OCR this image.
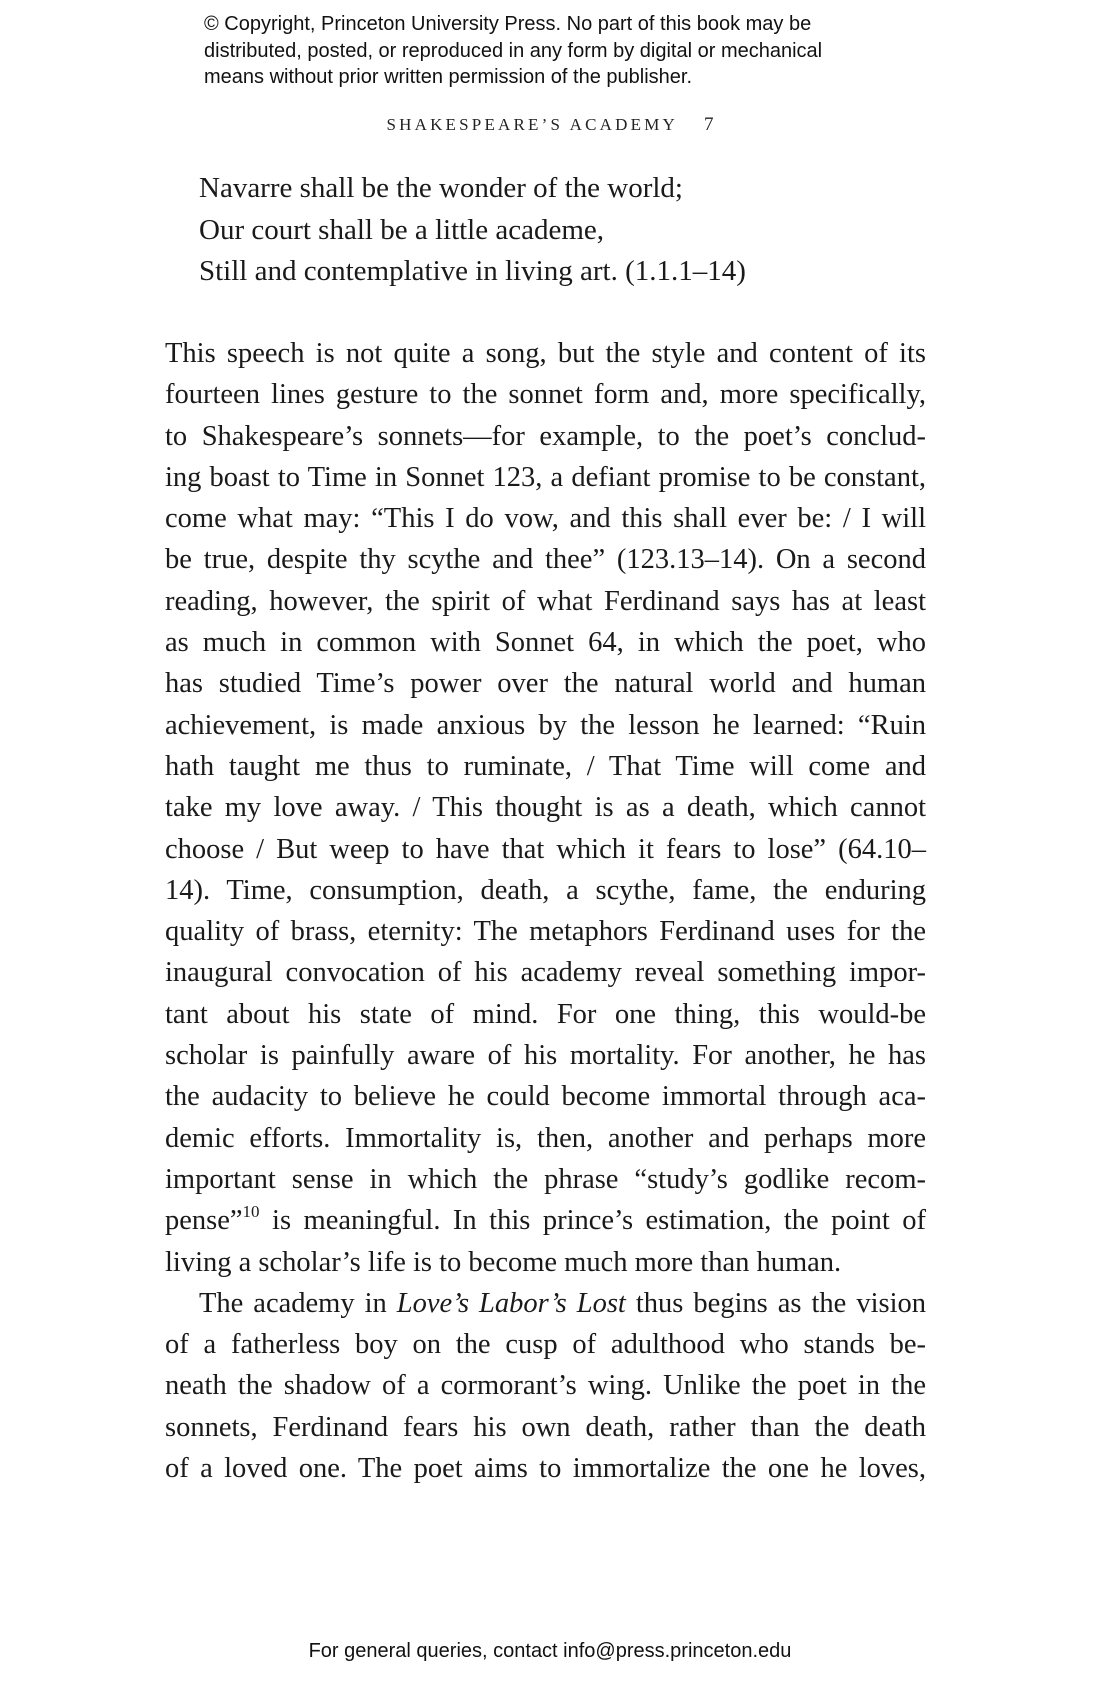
© Copyright, Princeton University Press. No part of this book may be
distributed, posted, or reproduced in any form by digital or mechanical
means without prior written permission of the publisher.
SHAKESPEARE’S ACADEMY 7
Navarre shall be the wonder of the world;
Our court shall be a little academe,
Still and contemplative in living art. (1.1.1–14)
This speech is not quite a song, but the style and content of its
fourteen lines gesture to the sonnet form and, more specifically,
to Shakespeare’s sonnets—for example, to the poet’s conclud-
ing boast to Time in Sonnet 123, a defiant promise to be constant,
come what may: “This I do vow, and this shall ever be: / I will
be true, despite thy scythe and thee” (123.13–14). On a second
reading, however, the spirit of what Ferdinand says has at least
as much in common with Sonnet 64, in which the poet, who
has studied Time’s power over the natural world and human
achievement, is made anxious by the lesson he learned: “Ruin
hath taught me thus to ruminate, / That Time will come and
take my love away. / This thought is as a death, which cannot
choose / But weep to have that which it fears to lose” (64.10–
14). Time, consumption, death, a scythe, fame, the enduring
quality of brass, eternity: The metaphors Ferdinand uses for the
inaugural convocation of his academy reveal something impor-
tant about his state of mind. For one thing, this would-be
scholar is painfully aware of his mortality. For another, he has
the audacity to believe he could become immortal through aca-
demic efforts. Immortality is, then, another and perhaps more
important sense in which the phrase “study’s godlike recom-
pense”$^{10}$ is meaningful. In this prince’s estimation, the point of
living a scholar’s life is to become much more than human.
The academy in Love’s Labor’s Lost thus begins as the vision
of a fatherless boy on the cusp of adulthood who stands be-
neath the shadow of a cormorant’s wing. Unlike the poet in the
sonnets, Ferdinand fears his own death, rather than the death
of a loved one. The poet aims to immortalize the one he loves,
For general queries, contact info@press.princeton.edu
